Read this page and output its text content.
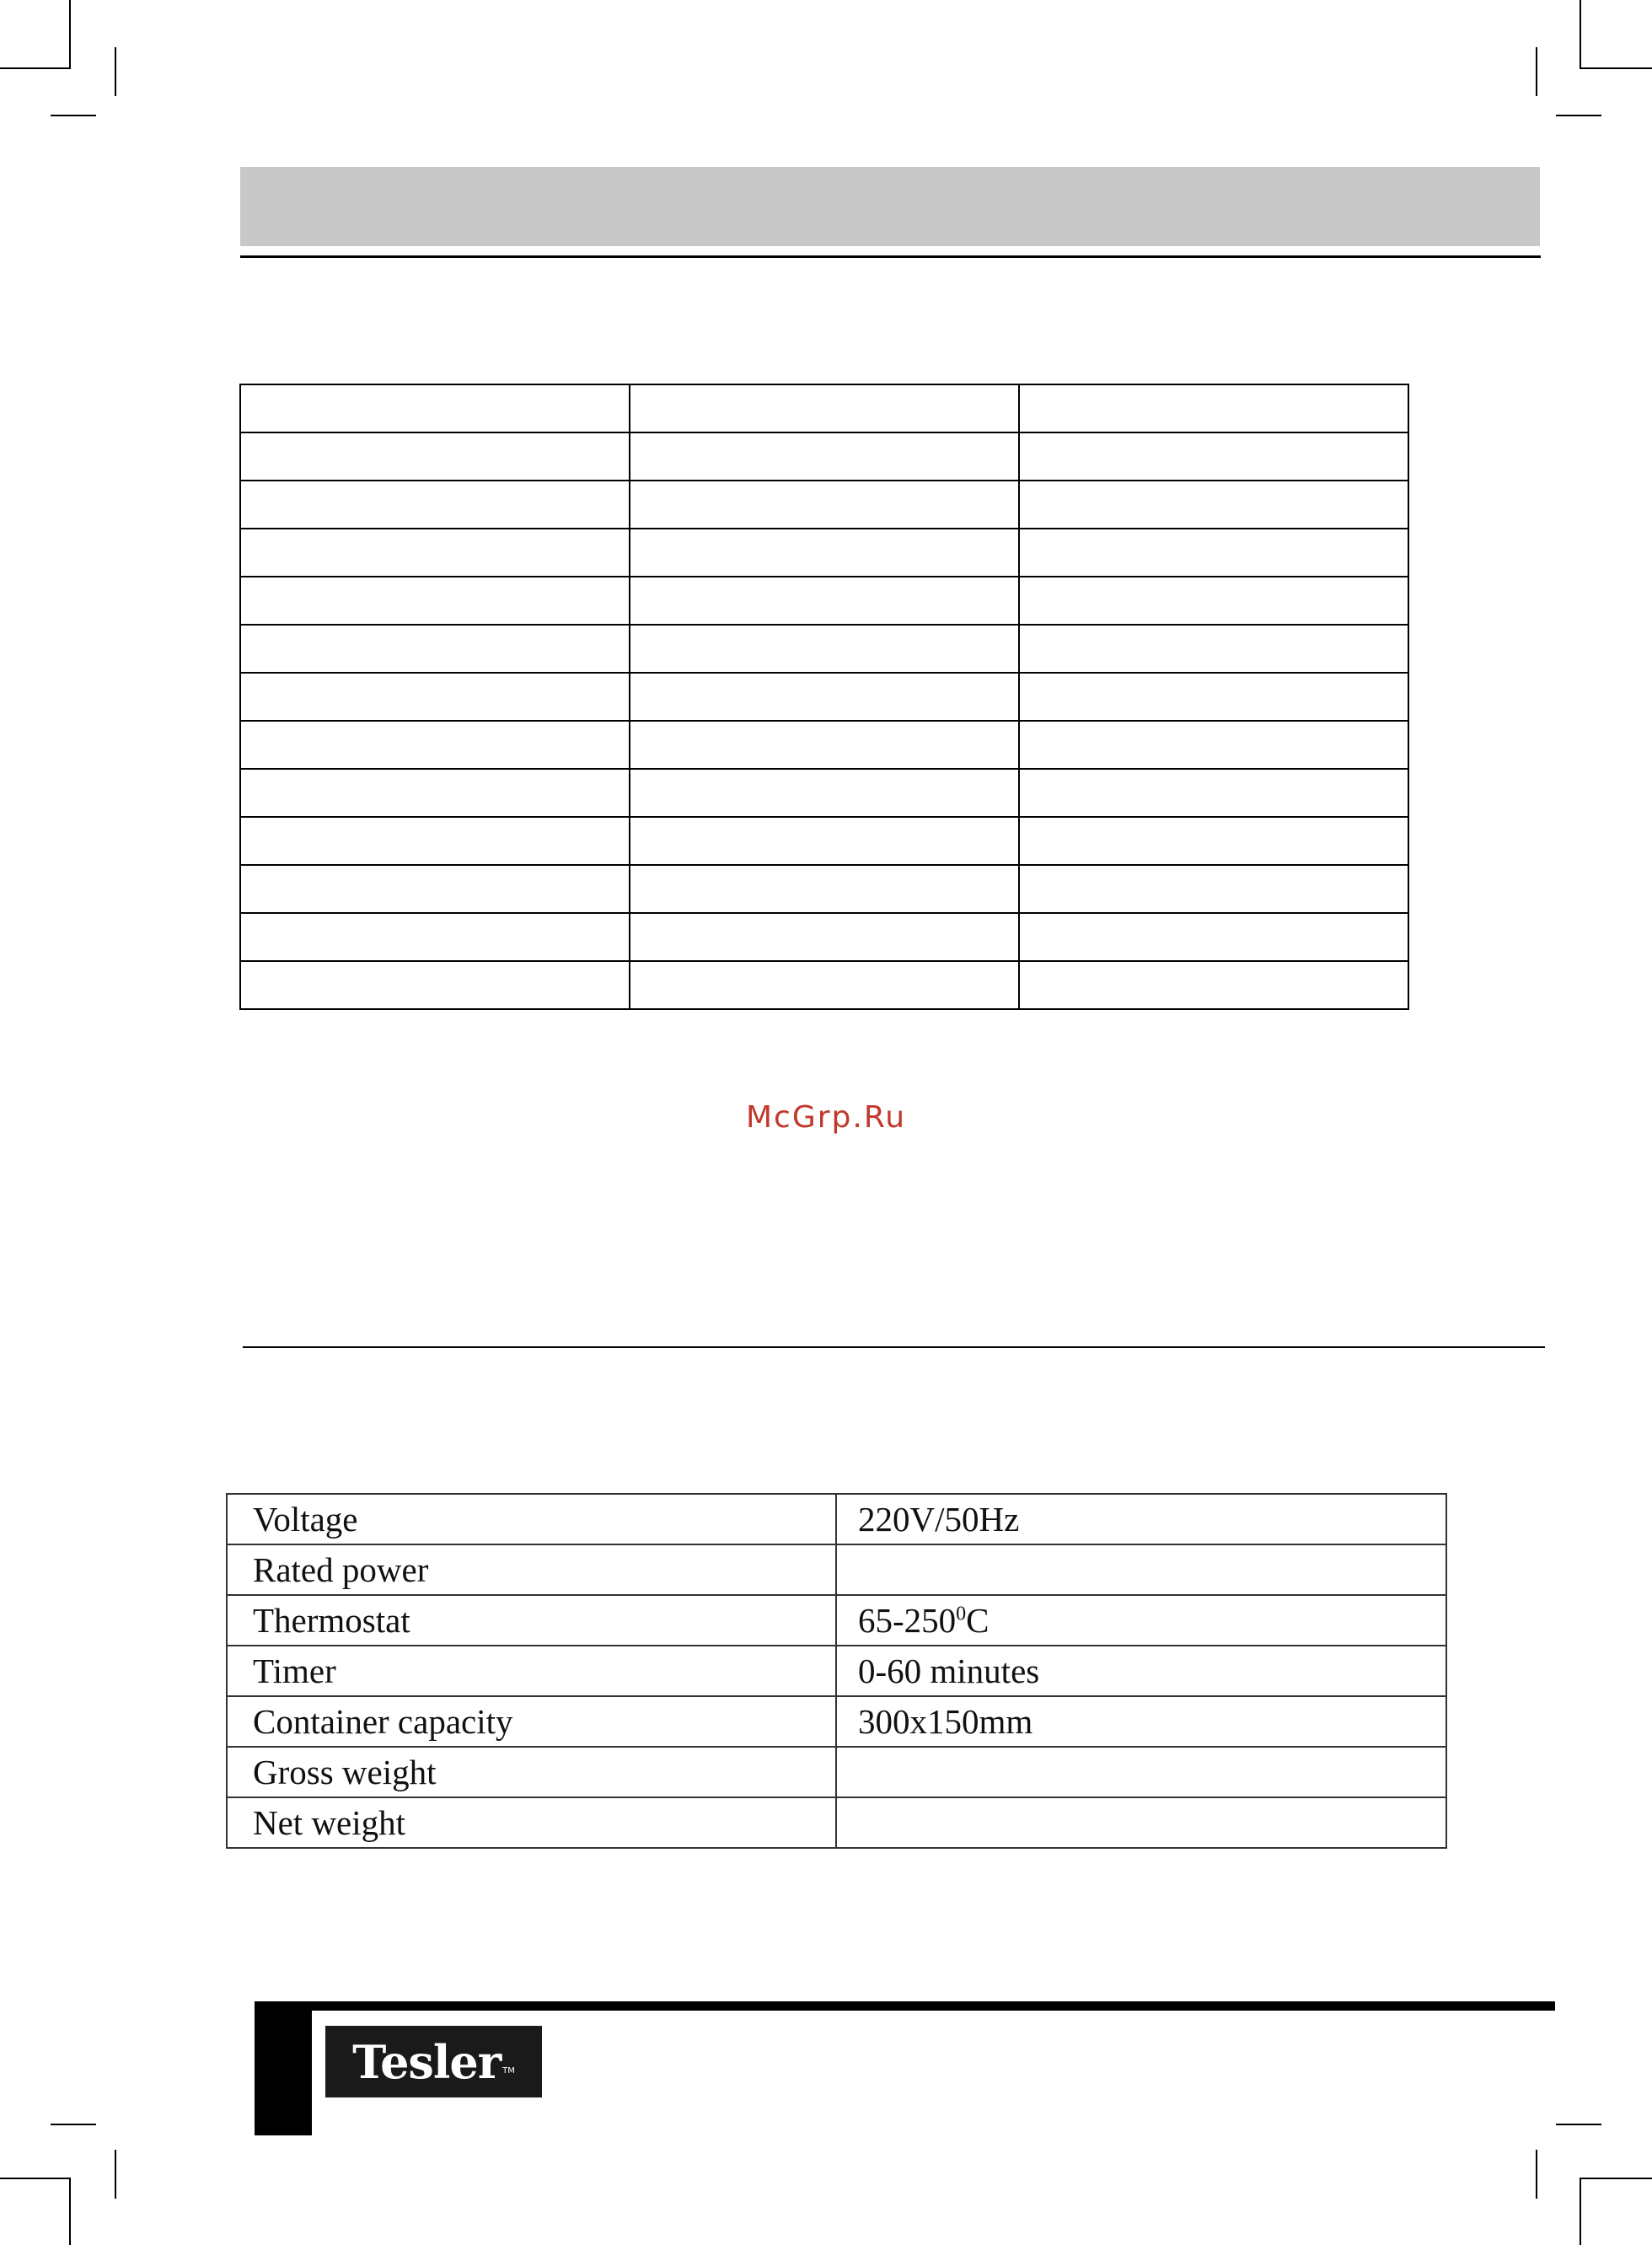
McGrp.Ru
Voltage	220V/50Hz
Rated power	
Thermostat	$65-250^0C$
Timer	0-60 minutes
Container capacity	300x150mm
Gross weight	
Net weight	
Tesler TM
